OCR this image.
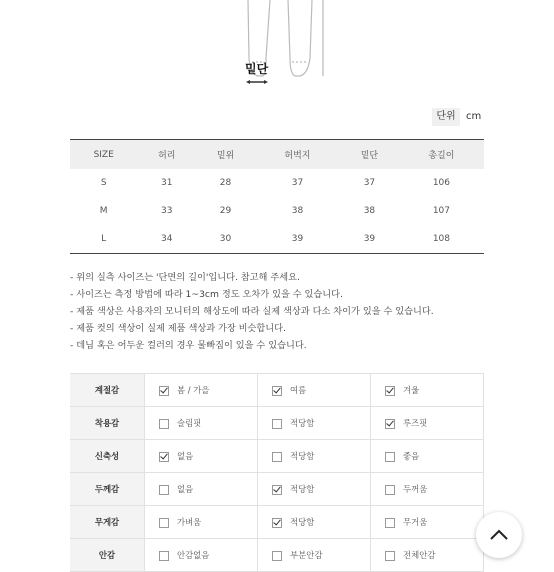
밑단
단위	cm
SIZE	허리	밑위	허벅지	밑단	총길이
S	31	28	37	37	106
M	33	29	38	38	107
L	34	30	39	39	108
- 위의 실측 사이즈는 '단면의 길이'입니다. 참고해 주세요.
- 사이즈는 측정 방법에 따라 1~3cm 정도 오차가 있을 수 있습니다.
- 제품 색상은 사용자의 모니터의 해상도에 따라 실제 색상과 다소 차이가 있을 수 있습니다.
- 제품 컷의 색상이 실제 제품 색상과 가장 비슷합니다.
- 데님 혹은 어두운 컬러의 경우 물빠짐이 있을 수 있습니다.
계절감	봄 / 가을	여름	겨울
착용감	슬림핏	적당함	루즈핏
신축성	없음	적당함	좋음
두께감	없음	적당함	두꺼움
무게감	가벼움	적당함	무거움
안감	안감없음	부분안감	전체안감
